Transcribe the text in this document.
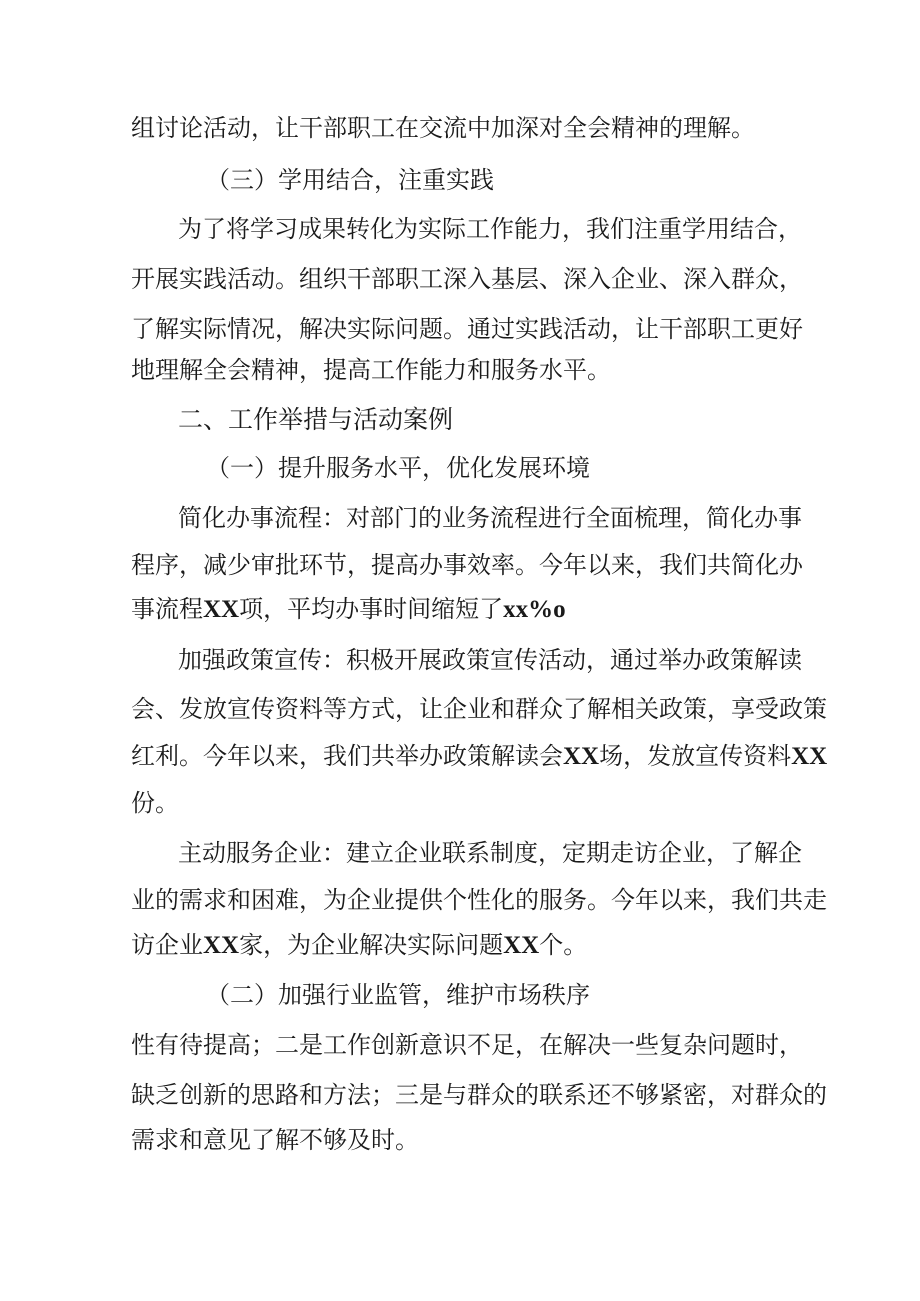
组讨论活动，让干部职工在交流中加深对全会精神的理解。

（三）学用结合，注重实践

为了将学习成果转化为实际工作能力，我们注重学用结合，

开展实践活动。组织干部职工深入基层、深入企业、深入群众，

了解实际情况，解决实际问题。通过实践活动，让干部职工更好

地理解全会精神，提高工作能力和服务水平。

二、工作举措与活动案例

（一）提升服务水平，优化发展环境

简化办事流程：对部门的业务流程进行全面梳理，简化办事

程序，减少审批环节，提高办事效率。今年以来，我们共简化办

事流程XX项，平均办事时间缩短了xx%o

加强政策宣传：积极开展政策宣传活动，通过举办政策解读

会、发放宣传资料等方式，让企业和群众了解相关政策，享受政策

红利。今年以来，我们共举办政策解读会XX场，发放宣传资料XX

份。

主动服务企业：建立企业联系制度，定期走访企业，了解企

业的需求和困难，为企业提供个性化的服务。今年以来，我们共走

访企业XX家，为企业解决实际问题XX个。

（二）加强行业监管，维护市场秩序

性有待提高；二是工作创新意识不足，在解决一些复杂问题时，

缺乏创新的思路和方法；三是与群众的联系还不够紧密，对群众的

需求和意见了解不够及时。
